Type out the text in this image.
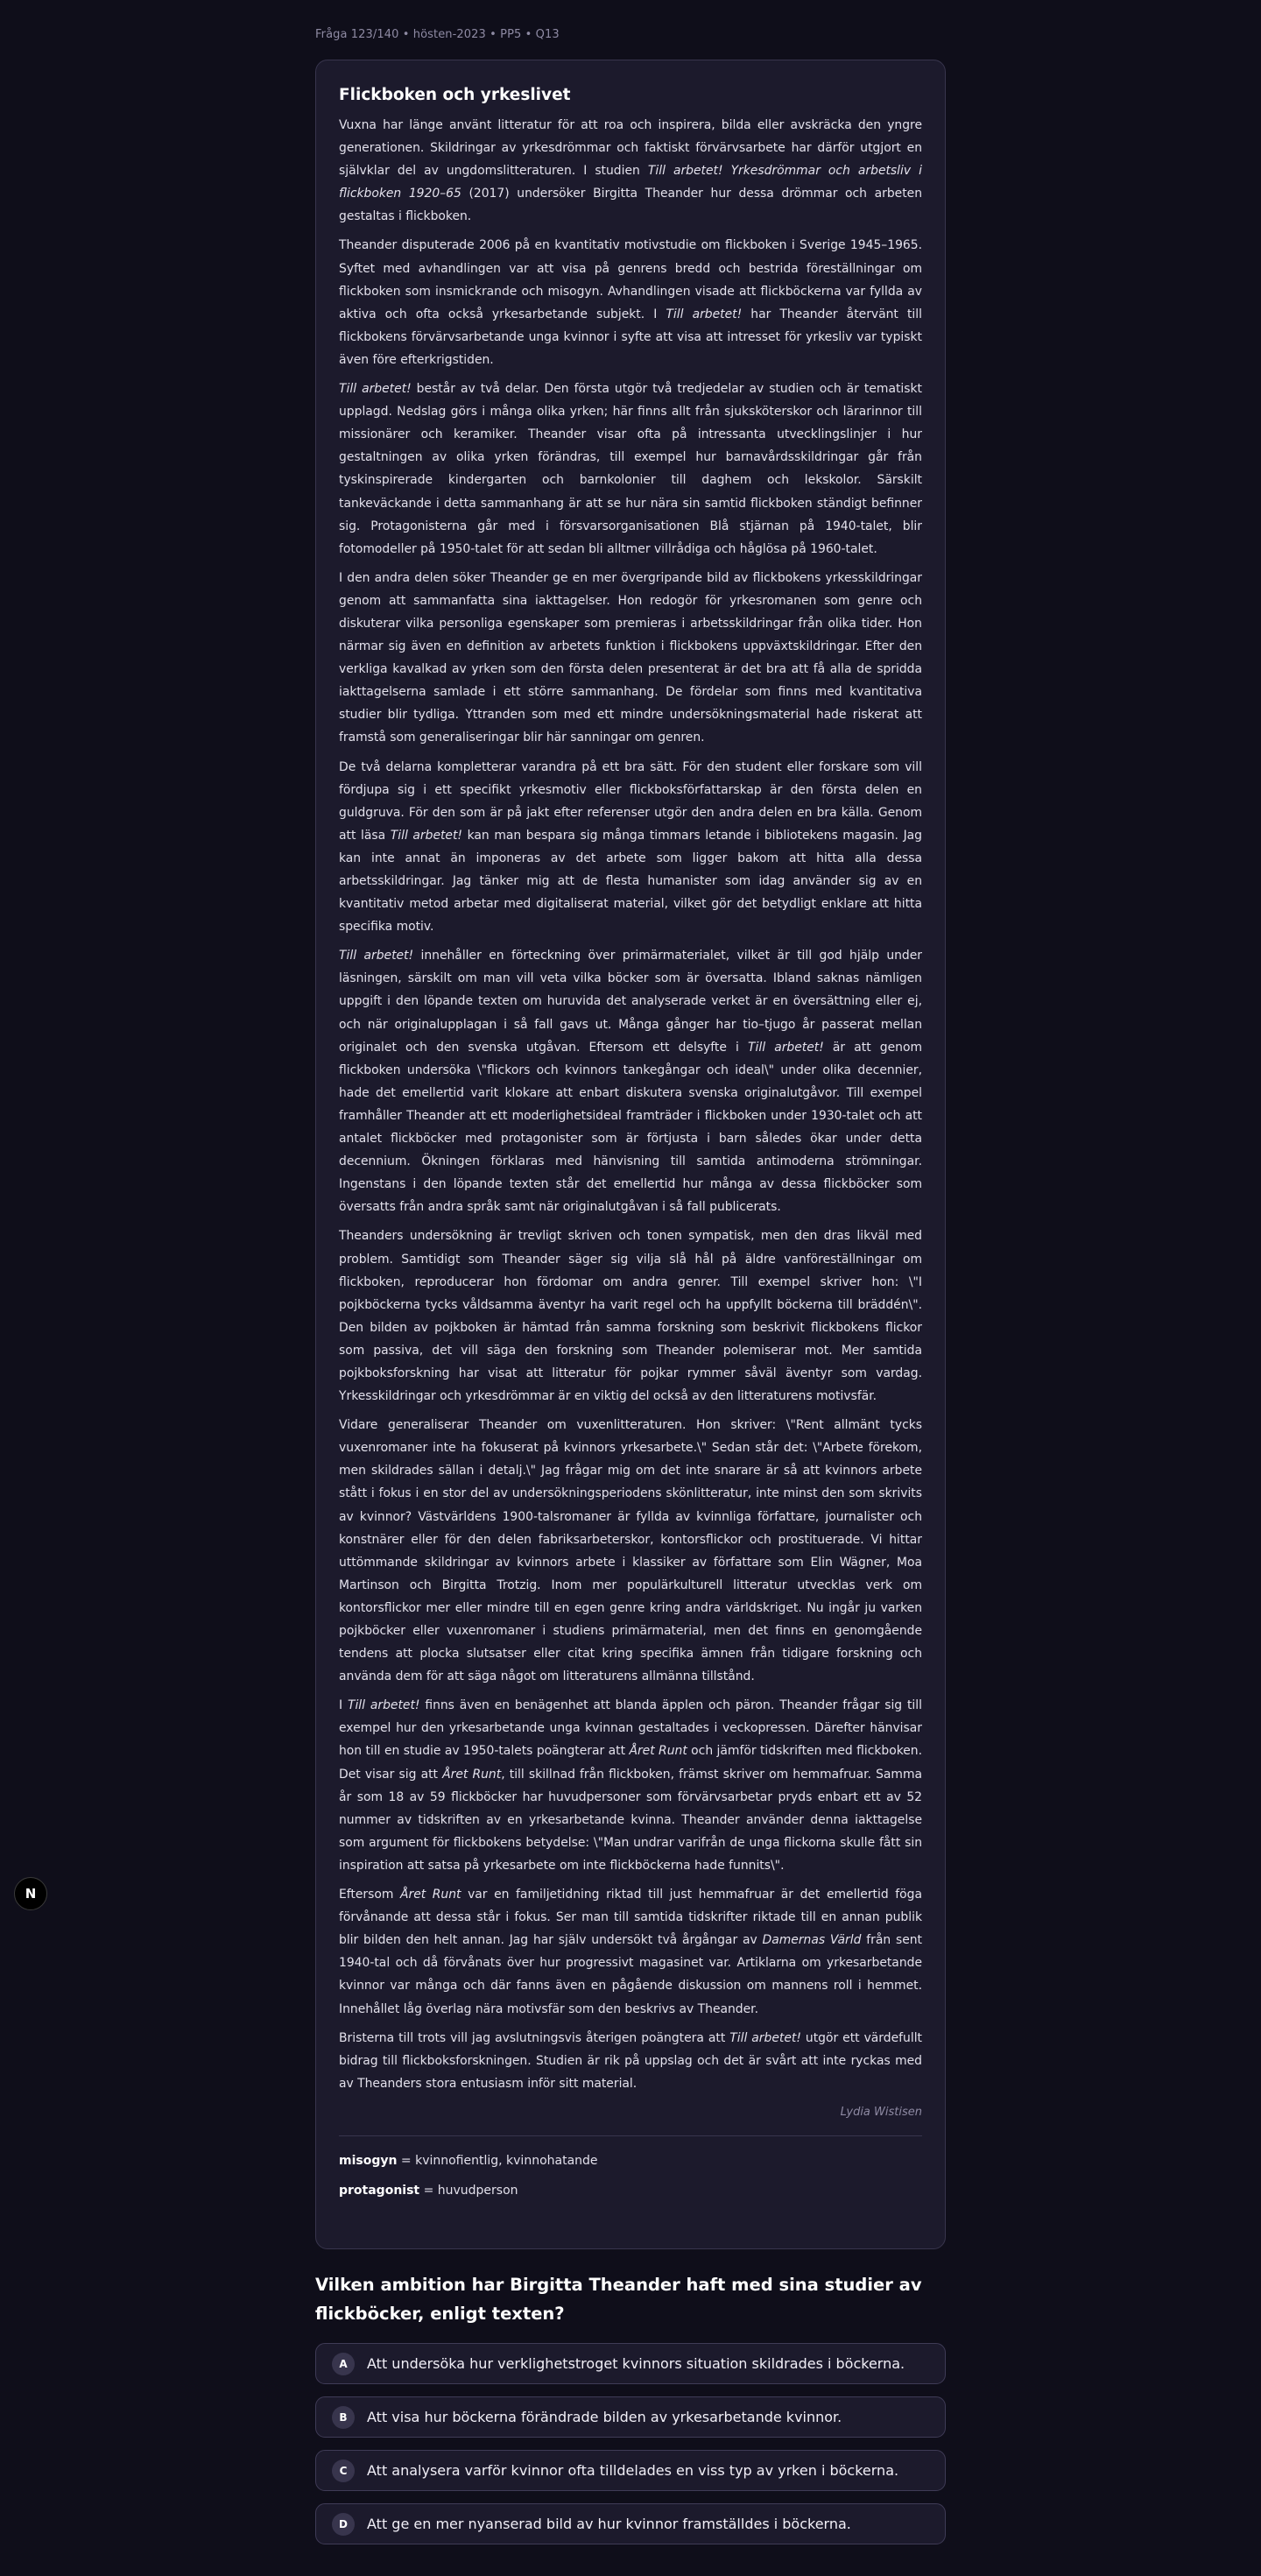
Fråga 123/140 • hösten-2023 • PP5 • Q13
Flickboken och yrkeslivet

Vuxna har länge använt litteratur för att roa och inspirera, bilda eller avskräcka den yngre generationen. Skildringar av yrkesdrömmar och faktiskt förvärvsarbete har därför utgjort en självklar del av ungdomslitteraturen. I studien Till arbetet! Yrkesdrömmar och arbetsliv i flickboken 1920–65 (2017) undersöker Birgitta Theander hur dessa drömmar och arbeten gestaltas i flickboken.

Theander disputerade 2006 på en kvantitativ motivstudie om flickboken i Sverige 1945–1965. Syftet med avhandlingen var att visa på genrens bredd och bestrida föreställningar om flickboken som insmickrande och misogyn. Avhandlingen visade att flickböckerna var fyllda av aktiva och ofta också yrkesarbetande subjekt. I Till arbetet! har Theander återvänt till flickbokens förvärvsarbetande unga kvinnor i syfte att visa att intresset för yrkesliv var typiskt även före efterkrigstiden.

Till arbetet! består av två delar. Den första utgör två tredjedelar av studien och är tematiskt upplagd. Nedslag görs i många olika yrken; här finns allt från sjuksköterskor och lärarinnor till missionärer och keramiker. Theander visar ofta på intressanta utvecklingslinjer i hur gestaltningen av olika yrken förändras, till exempel hur barnavårdsskildringar går från tyskinspirerade kindergarten och barnkolonier till daghem och lekskolor. Särskilt tankeväckande i detta sammanhang är att se hur nära sin samtid flickboken ständigt befinner sig. Protagonisterna går med i försvarsorganisationen Blå stjärnan på 1940-talet, blir fotomodeller på 1950-talet för att sedan bli alltmer villrådiga och håglösa på 1960-talet.

I den andra delen söker Theander ge en mer övergripande bild av flickbokens yrkesskildringar genom att sammanfatta sina iakttagelser. Hon redogör för yrkesromanen som genre och diskuterar vilka personliga egenskaper som premieras i arbetsskildringar från olika tider. Hon närmar sig även en definition av arbetets funktion i flickbokens uppväxtskildringar. Efter den verkliga kavalkad av yrken som den första delen presenterat är det bra att få alla de spridda iakttagelserna samlade i ett större sammanhang. De fördelar som finns med kvantitativa studier blir tydliga. Yttranden som med ett mindre undersökningsmaterial hade riskerat att framstå som generaliseringar blir här sanningar om genren.

De två delarna kompletterar varandra på ett bra sätt. För den student eller forskare som vill fördjupa sig i ett specifikt yrkesmotiv eller flickboksförfattarskap är den första delen en guldgruva. För den som är på jakt efter referenser utgör den andra delen en bra källa. Genom att läsa Till arbetet! kan man bespara sig många timmars letande i bibliotekens magasin. Jag kan inte annat än imponeras av det arbete som ligger bakom att hitta alla dessa arbetsskildringar. Jag tänker mig att de flesta humanister som idag använder sig av en kvantitativ metod arbetar med digitaliserat material, vilket gör det betydligt enklare att hitta specifika motiv.

Till arbetet! innehåller en förteckning över primärmaterialet, vilket är till god hjälp under läsningen, särskilt om man vill veta vilka böcker som är översatta. Ibland saknas nämligen uppgift i den löpande texten om huruvida det analyserade verket är en översättning eller ej, och när originalupplagan i så fall gavs ut. Många gånger har tio–tjugo år passerat mellan originalet och den svenska utgåvan. Eftersom ett delsyfte i Till arbetet! är att genom flickboken undersöka \"flickors och kvinnors tankegångar och ideal\" under olika decennier, hade det emellertid varit klokare att enbart diskutera svenska originalutgåvor. Till exempel framhåller Theander att ett moderlighetsideal framträder i flickboken under 1930-talet och att antalet flickböcker med protagonister som är förtjusta i barn således ökar under detta decennium. Ökningen förklaras med hänvisning till samtida antimoderna strömningar. Ingenstans i den löpande texten står det emellertid hur många av dessa flickböcker som översatts från andra språk samt när originalutgåvan i så fall publicerats.

Theanders undersökning är trevligt skriven och tonen sympatisk, men den dras likväl med problem. Samtidigt som Theander säger sig vilja slå hål på äldre vanföreställningar om flickboken, reproducerar hon fördomar om andra genrer. Till exempel skriver hon: \"I pojkböckerna tycks våldsamma äventyr ha varit regel och ha uppfyllt böckerna till bräddén\". Den bilden av pojkboken är hämtad från samma forskning som beskrivit flickbokens flickor som passiva, det vill säga den forskning som Theander polemiserar mot. Mer samtida pojkboksforskning har visat att litteratur för pojkar rymmer såväl äventyr som vardag. Yrkesskildringar och yrkesdrömmar är en viktig del också av den litteraturens motivsfär.

Vidare generaliserar Theander om vuxenlitteraturen. Hon skriver: \"Rent allmänt tycks vuxenromaner inte ha fokuserat på kvinnors yrkesarbete.\" Sedan står det: \"Arbete förekom, men skildrades sällan i detalj.\" Jag frågar mig om det inte snarare är så att kvinnors arbete stått i fokus i en stor del av undersökningsperiodens skönlitteratur, inte minst den som skrivits av kvinnor? Västvärldens 1900-talsromaner är fyllda av kvinnliga författare, journalister och konstnärer eller för den delen fabriksarbeterskor, kontorsflickor och prostituerade. Vi hittar uttömmande skildringar av kvinnors arbete i klassiker av författare som Elin Wägner, Moa Martinson och Birgitta Trotzig. Inom mer populärkulturell litteratur utvecklas verk om kontorsflickor mer eller mindre till en egen genre kring andra världskriget. Nu ingår ju varken pojkböcker eller vuxenromaner i studiens primärmaterial, men det finns en genomgående tendens att plocka slutsatser eller citat kring specifika ämnen från tidigare forskning och använda dem för att säga något om litteraturens allmänna tillstånd.

I Till arbetet! finns även en benägenhet att blanda äpplen och päron. Theander frågar sig till exempel hur den yrkesarbetande unga kvinnan gestaltades i veckopressen. Därefter hänvisar hon till en studie av 1950-talets poängterar att Året Runt och jämför tidskriften med flickboken. Det visar sig att Året Runt, till skillnad från flickboken, främst skriver om hemmafruar. Samma år som 18 av 59 flickböcker har huvudpersoner som förvärvsarbetar pryds enbart ett av 52 nummer av tidskriften av en yrkesarbetande kvinna. Theander använder denna iakttagelse som argument för flickbokens betydelse: \"Man undrar varifrån de unga flickorna skulle fått sin inspiration att satsa på yrkesarbete om inte flickböckerna hade funnits\".

Eftersom Året Runt var en familjetidning riktad till just hemmafruar är det emellertid föga förvånande att dessa står i fokus. Ser man till samtida tidskrifter riktade till en annan publik blir bilden den helt annan. Jag har själv undersökt två årgångar av Damernas Värld från sent 1940-tal och då förvånats över hur progressivt magasinet var. Artiklarna om yrkesarbetande kvinnor var många och där fanns även en pågående diskussion om mannens roll i hemmet. Innehållet låg överlag nära motivsfär som den beskrivs av Theander.

Bristerna till trots vill jag avslutningsvis återigen poängtera att Till arbetet! utgör ett värdefullt bidrag till flickboksforskningen. Studien är rik på uppslag och det är svårt att inte ryckas med av Theanders stora entusiasm inför sitt material.

Lydia Wistisen
misogyn = kvinnofientlig, kvinnohatande
protagonist = huvudperson
Vilken ambition har Birgitta Theander haft med sina studier av flickböcker, enligt texten?
A	Att undersöka hur verklighetstroget kvinnors situation skildrades i böckerna.
B	Att visa hur böckerna förändrade bilden av yrkesarbetande kvinnor.
C	Att analysera varför kvinnor ofta tilldelades en viss typ av yrken i böckerna.
D	Att ge en mer nyanserad bild av hur kvinnor framställdes i böckerna.
N
